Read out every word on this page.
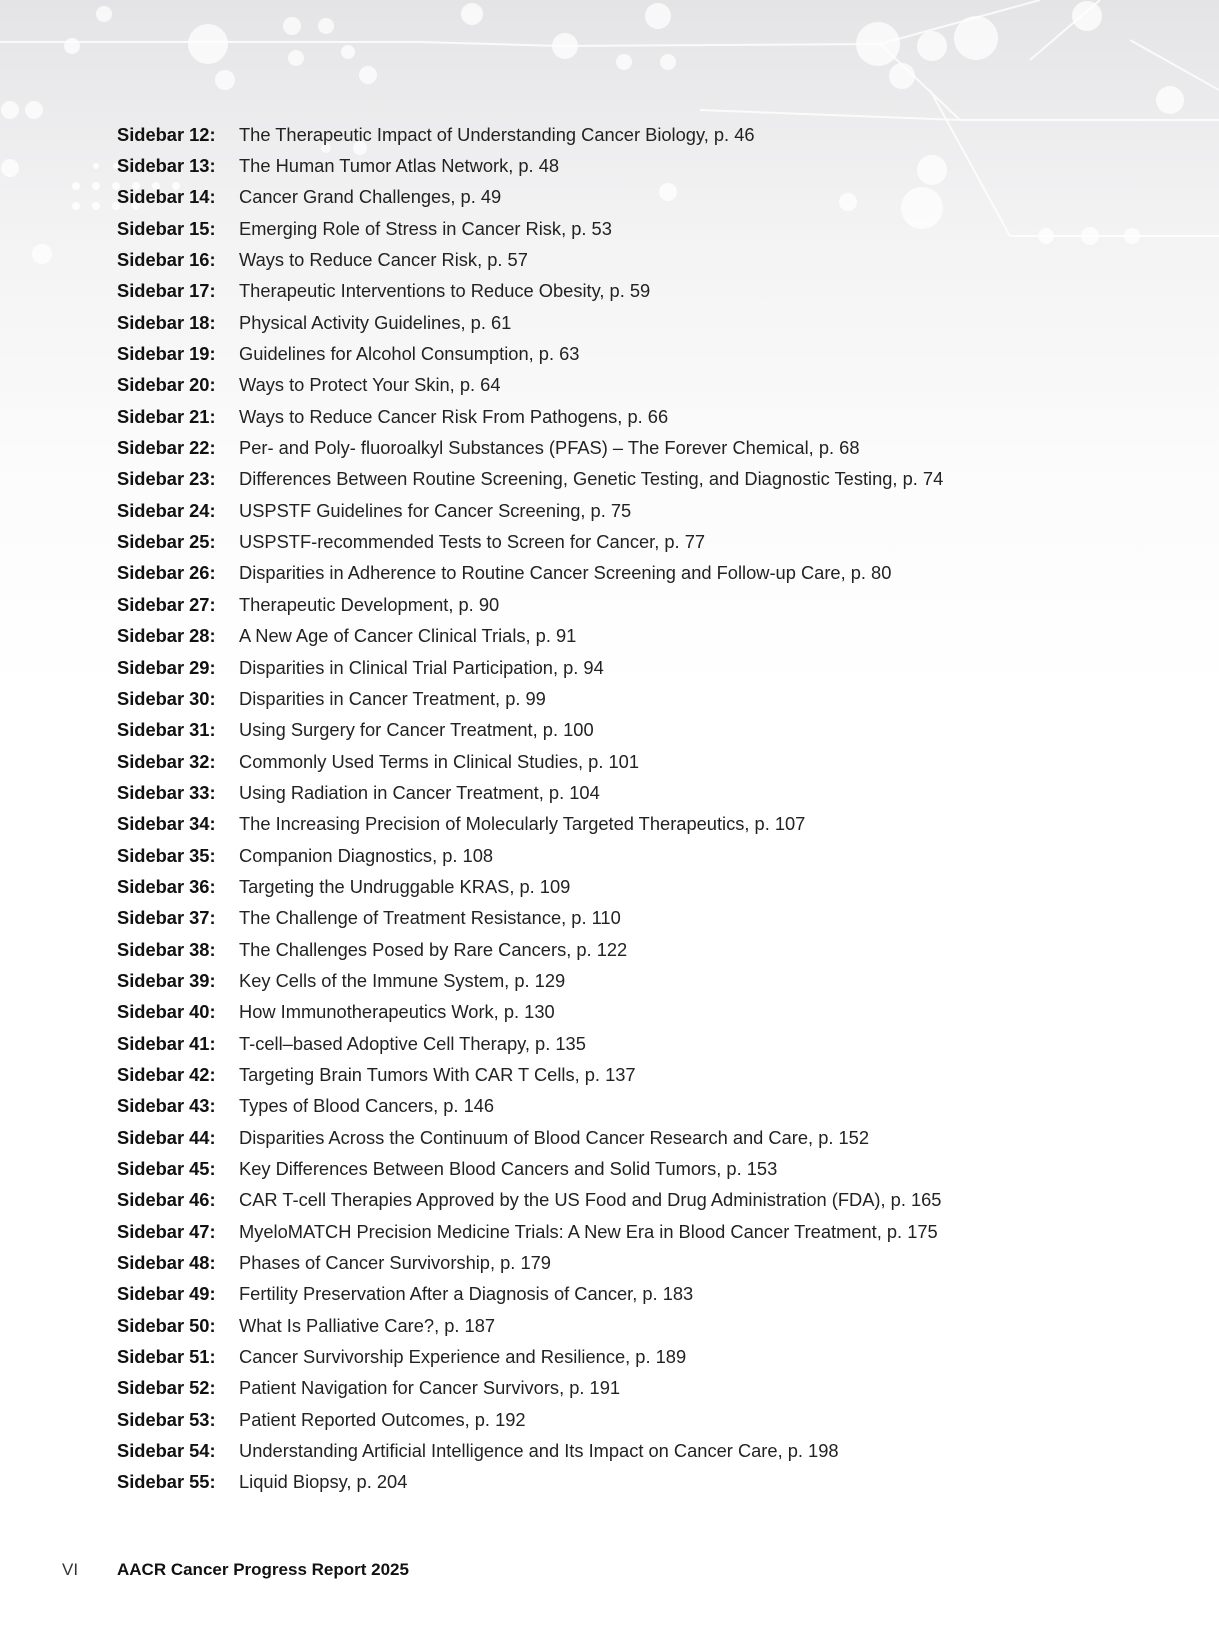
Sidebar 12:	The Therapeutic Impact of Understanding Cancer Biology, p. 46
Sidebar 13:	The Human Tumor Atlas Network, p. 48
Sidebar 14:	Cancer Grand Challenges, p. 49
Sidebar 15:	Emerging Role of Stress in Cancer Risk, p. 53
Sidebar 16:	Ways to Reduce Cancer Risk, p. 57
Sidebar 17:	Therapeutic Interventions to Reduce Obesity, p. 59
Sidebar 18:	Physical Activity Guidelines, p. 61
Sidebar 19:	Guidelines for Alcohol Consumption, p. 63
Sidebar 20:	Ways to Protect Your Skin, p. 64
Sidebar 21:	Ways to Reduce Cancer Risk From Pathogens, p. 66
Sidebar 22:	Per- and Poly- fluoroalkyl Substances (PFAS) – The Forever Chemical, p. 68
Sidebar 23:	Differences Between Routine Screening, Genetic Testing, and Diagnostic Testing, p. 74
Sidebar 24:	USPSTF Guidelines for Cancer Screening, p. 75
Sidebar 25:	USPSTF-recommended Tests to Screen for Cancer, p. 77
Sidebar 26:	Disparities in Adherence to Routine Cancer Screening and Follow-up Care, p. 80
Sidebar 27:	Therapeutic Development, p. 90
Sidebar 28:	A New Age of Cancer Clinical Trials, p. 91
Sidebar 29:	Disparities in Clinical Trial Participation, p. 94
Sidebar 30:	Disparities in Cancer Treatment, p. 99
Sidebar 31:	Using Surgery for Cancer Treatment, p. 100
Sidebar 32:	Commonly Used Terms in Clinical Studies, p. 101
Sidebar 33:	Using Radiation in Cancer Treatment, p. 104
Sidebar 34:	The Increasing Precision of Molecularly Targeted Therapeutics, p. 107
Sidebar 35:	Companion Diagnostics, p. 108
Sidebar 36:	Targeting the Undruggable KRAS, p. 109
Sidebar 37:	The Challenge of Treatment Resistance, p. 110
Sidebar 38:	The Challenges Posed by Rare Cancers, p. 122
Sidebar 39:	Key Cells of the Immune System, p. 129
Sidebar 40:	How Immunotherapeutics Work, p. 130
Sidebar 41:	T-cell–based Adoptive Cell Therapy, p. 135
Sidebar 42:	Targeting Brain Tumors With CAR T Cells, p. 137
Sidebar 43:	Types of Blood Cancers, p. 146
Sidebar 44:	Disparities Across the Continuum of Blood Cancer Research and Care, p. 152
Sidebar 45:	Key Differences Between Blood Cancers and Solid Tumors, p. 153
Sidebar 46:	CAR T-cell Therapies Approved by the US Food and Drug Administration (FDA), p. 165
Sidebar 47:	MyeloMATCH Precision Medicine Trials: A New Era in Blood Cancer Treatment, p. 175
Sidebar 48:	Phases of Cancer Survivorship, p. 179
Sidebar 49:	Fertility Preservation After a Diagnosis of Cancer, p. 183
Sidebar 50:	What Is Palliative Care?, p. 187
Sidebar 51:	Cancer Survivorship Experience and Resilience, p. 189
Sidebar 52:	Patient Navigation for Cancer Survivors, p. 191
Sidebar 53:	Patient Reported Outcomes, p. 192
Sidebar 54:	Understanding Artificial Intelligence and Its Impact on Cancer Care, p. 198
Sidebar 55:	Liquid Biopsy, p. 204
VI AACR Cancer Progress Report 2025
